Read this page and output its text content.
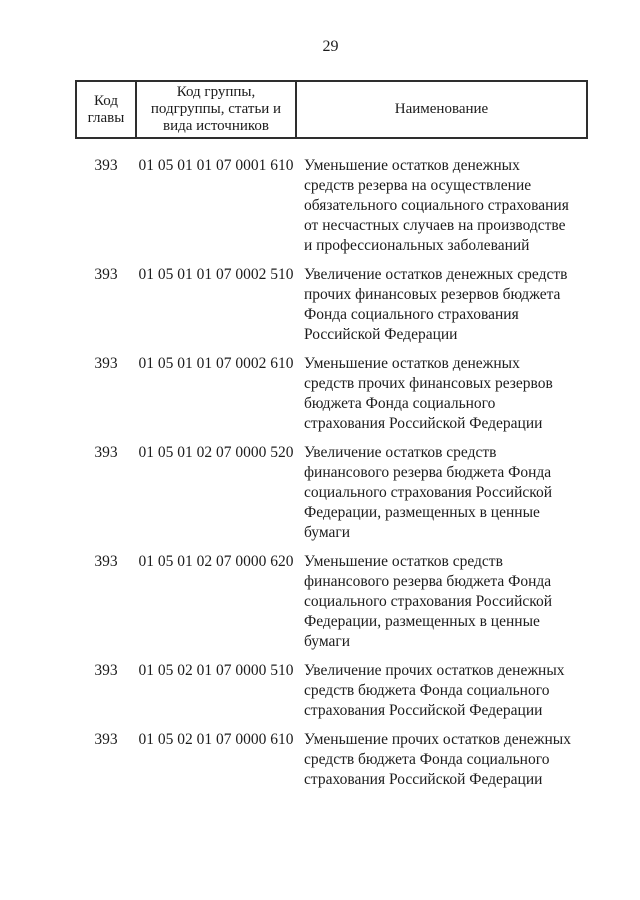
29
Код главы	Код группы, подгруппы, статьи и вида источников	Наименование
393	01 05 01 01 07 0001 610	Уменьшение остатков денежных средств резерва на осуществление обязательного социального страхования от несчастных случаев на производстве и профессиональных заболеваний
393	01 05 01 01 07 0002 510	Увеличение остатков денежных средств прочих финансовых резервов бюджета Фонда социального страхования Российской Федерации
393	01 05 01 01 07 0002 610	Уменьшение остатков денежных средств прочих финансовых резервов бюджета Фонда социального страхования Российской Федерации
393	01 05 01 02 07 0000 520	Увеличение остатков средств финансового резерва бюджета Фонда социального страхования Российской Федерации, размещенных в ценные бумаги
393	01 05 01 02 07 0000 620	Уменьшение остатков средств финансового резерва бюджета Фонда социального страхования Российской Федерации, размещенных в ценные бумаги
393	01 05 02 01 07 0000 510	Увеличение прочих остатков денежных средств бюджета Фонда социального страхования Российской Федерации
393	01 05 02 01 07 0000 610	Уменьшение прочих остатков денежных средств бюджета Фонда социального страхования Российской Федерации
